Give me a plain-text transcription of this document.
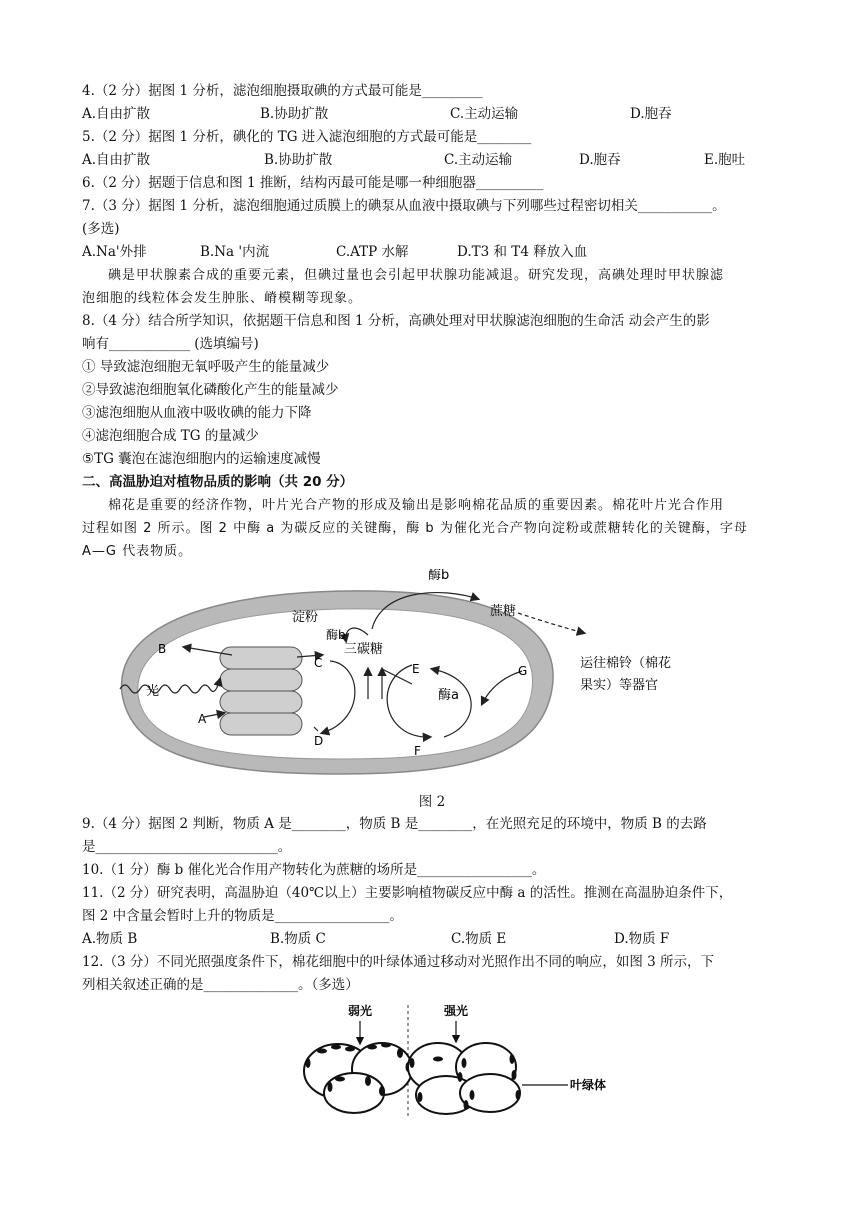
4.（2 分）据图 1 分析，滤泡细胞摄取碘的方式最可能是_________
A.自由扩散	B.协助扩散	C.主动运输	D.胞吞
5.（2 分）据图 1 分析，碘化的 TG 进入滤泡细胞的方式最可能是________
A.自由扩散	B.协助扩散	C.主动运输	D.胞吞	E.胞吐
6.（2 分）据题于信息和图 1 推断，结构丙最可能是哪一种细胞器__________
7.（3 分）据图 1 分析，滤泡细胞通过质膜上的碘泵从血液中摄取碘与下列哪些过程密切相关___________。
(多选)
A.Na'外排	B.Na '内流	C.ATP 水解	D.T3 和 T4 释放入血
碘是甲状腺素合成的重要元素，但碘过量也会引起甲状腺功能减退。研究发现，高碘处理时甲状腺滤
泡细胞的线粒体会发生肿胀、嵴模糊等现象。
8.（4 分）结合所学知识，依据题干信息和图 1 分析，高碘处理对甲状腺滤泡细胞的生命活 动会产生的影
响有____________ (选填编号)
① 导致滤泡细胞无氧呼吸产生的能量减少
②导致滤泡细胞氧化磷酸化产生的能量减少
③滤泡细胞从血液中吸收碘的能力下降
④滤泡细胞合成 TG 的量减少
⑤TG 囊泡在滤泡细胞内的运输速度减慢
二、高温胁迫对植物品质的影响（共 20 分）
棉花是重要的经济作物，叶片光合产物的形成及输出是影响棉花品质的重要因素。棉花叶片光合作用
过程如图 2 所示。图 2 中酶 a 为碳反应的关键酶，酶 b 为催化光合产物向淀粉或蔗糖转化的关键酶，字母
A—G 代表物质。
酶b
淀粉	蔗糖
酶b
三碳糖
运往棉铃（棉花
果实）等器官
光
B
C	E	G
酶a
A
D
F
图 2
9.（4 分）据图 2 判断，物质 A 是________，物质 B 是________，在光照充足的环境中，物质 B 的去路
是___________________________。
10.（1 分）酶 b 催化光合作用产物转化为蔗糖的场所是_________________。
11.（2 分）研究表明，高温胁迫（40℃以上）主要影响植物碳反应中酶 a 的活性。推测在高温胁迫条件下，
图 2 中含量会暂时上升的物质是_________________。
A.物质 B	B.物质 C	C.物质 E	D.物质 F
12.（3 分）不同光照强度条件下，棉花细胞中的叶绿体通过移动对光照作出不同的响应，如图 3 所示，下
列相关叙述正确的是______________。（多选）
弱光	强光
叶绿体
